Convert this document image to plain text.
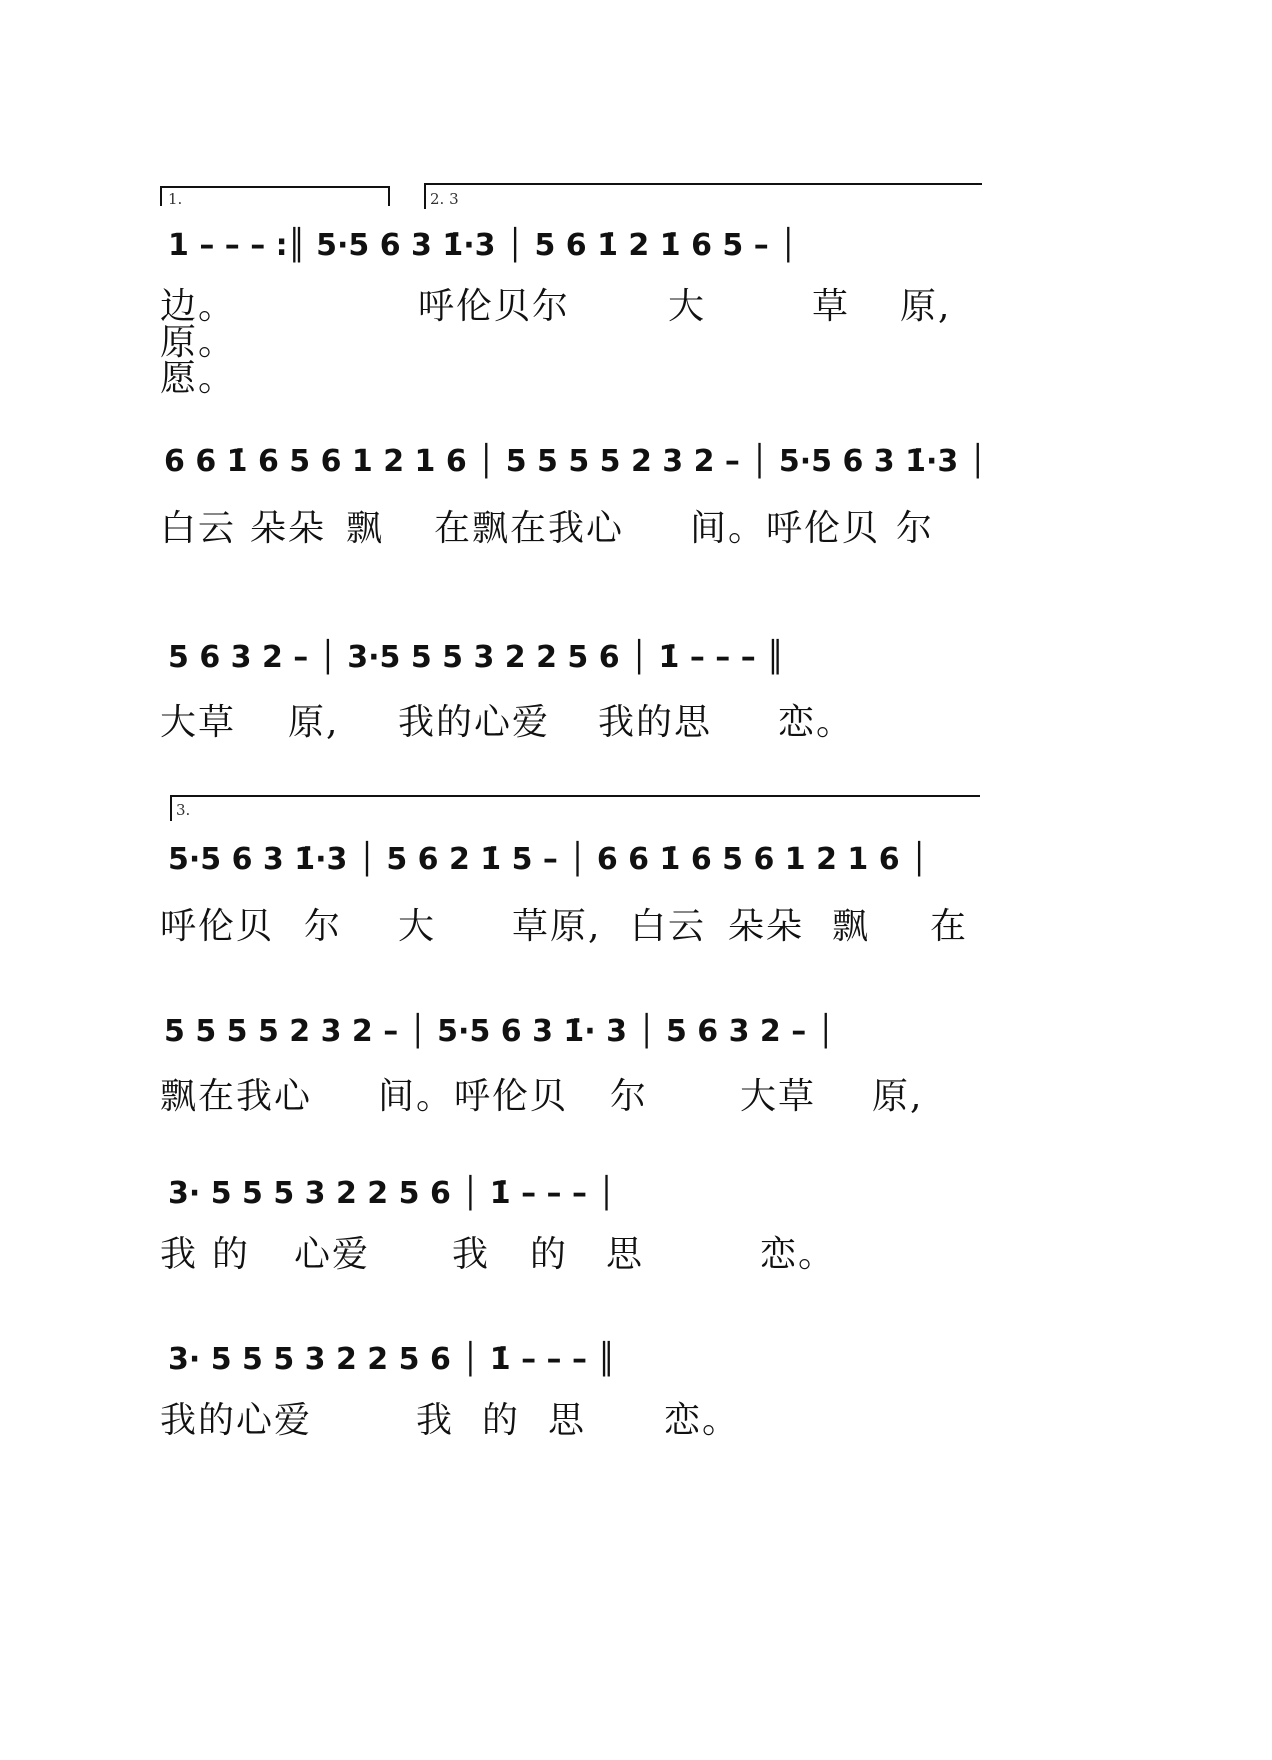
1.	2. 3
1 – – – :║ 5·5 6 3 1̇·3 │ 5 6 1̇ 2 1̇ 6 5 – │
边。	呼伦贝尔	大	草 原,
原。
愿。
6 6 1̇ 6 5 6 1 2 1 6 │ 5 5 5 5 2 3 2 – │ 5·5 6 3 1̇·3 │
白云 朵朵 飘 在飘在我心 间。呼伦贝 尔
5 6 3 2 – │ 3·5 5 5 3 2 2 5 6 │ 1̇ – – – ║
大草 原, 我的心爱 我的思 恋。
3.
5·5 6 3 1̇·3 │ 5 6 2 1̇ 5 – │ 6 6 1̇ 6 5 6 1 2 1 6 │
呼伦贝 尔 大 草原, 白云 朵朵 飘 在
5 5 5 5 2 3 2 – │ 5·5 6 3 1̇· 3 │ 5 6 3 2 – │
飘在我心 间。呼伦贝 尔	大草 原,
3· 5 5 5 3 2 2 5 6 │ 1̇ – – – │
我 的 心爱 我 的 思	恋。
3· 5 5 5 3 2 2 5 6 │ 1̇ – – – ║
我的心爱	我 的 思 恋。
